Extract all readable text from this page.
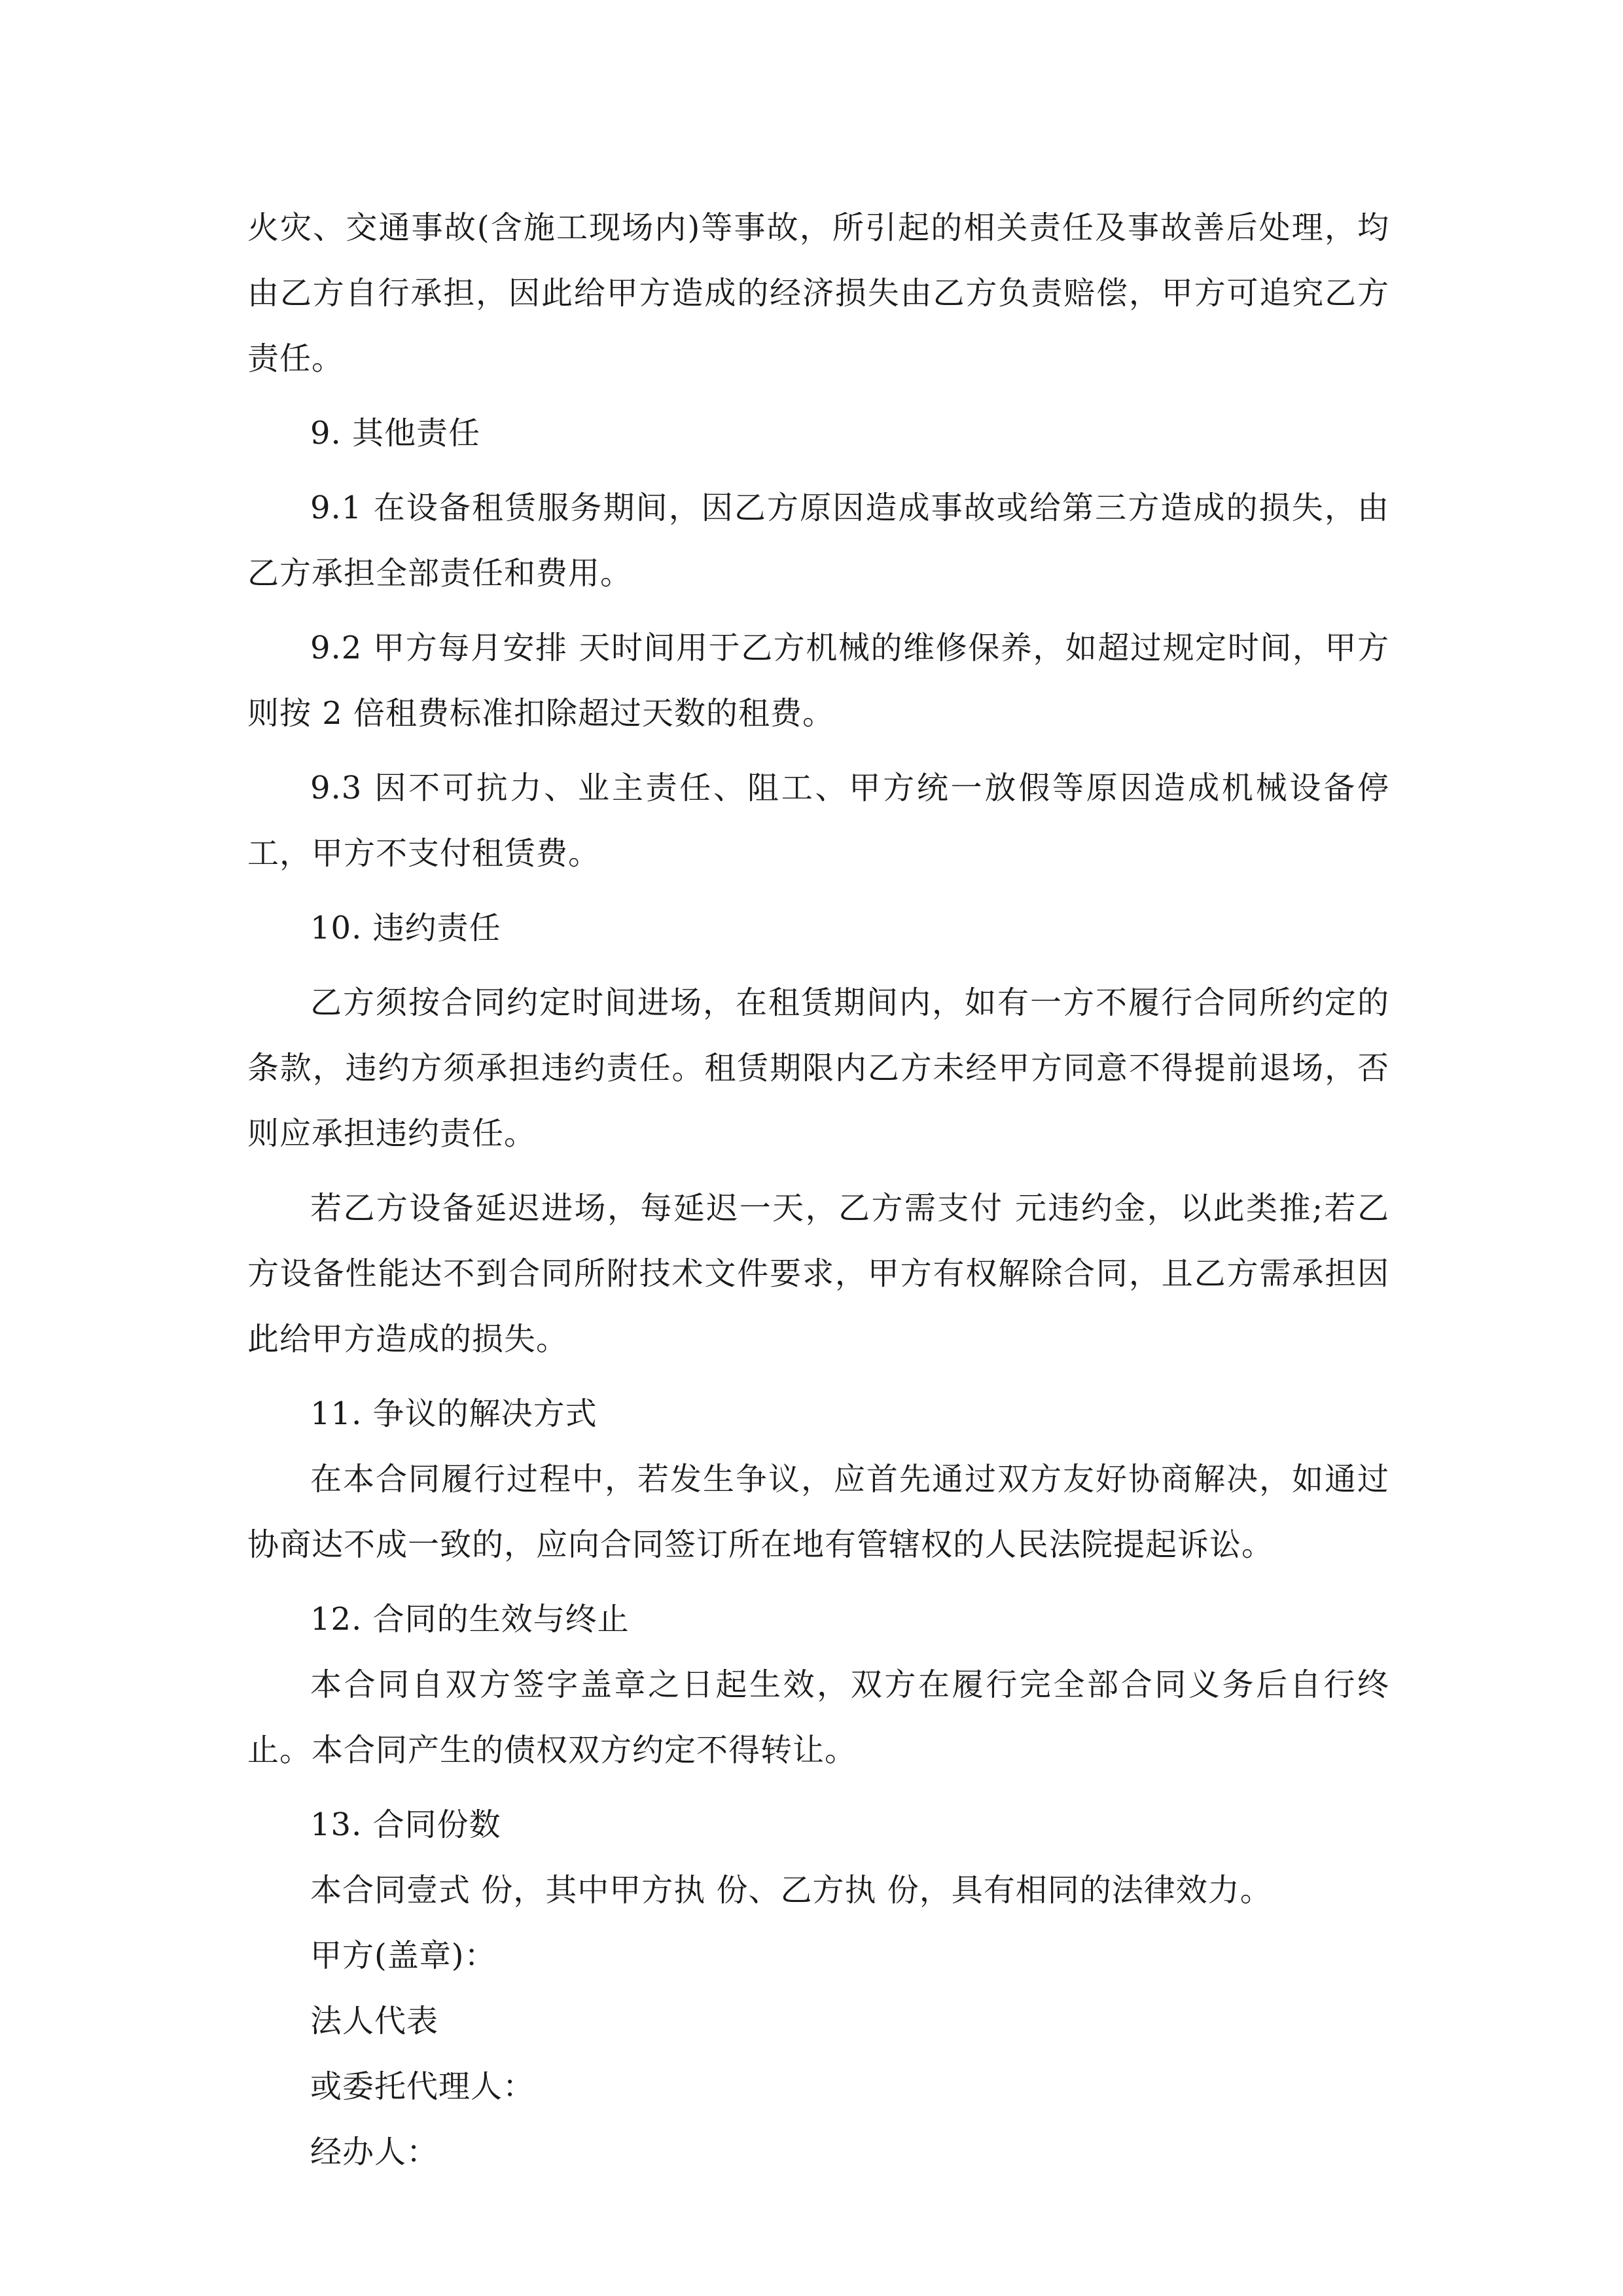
火灾、交通事故(含施工现场内)等事故，所引起的相关责任及事故善后处理，均由乙方自行承担，因此给甲方造成的经济损失由乙方负责赔偿，甲方可追究乙方责任。

9. 其他责任

9.1 在设备租赁服务期间，因乙方原因造成事故或给第三方造成的损失，由乙方承担全部责任和费用。

9.2 甲方每月安排 天时间用于乙方机械的维修保养，如超过规定时间，甲方则按 2 倍租费标准扣除超过天数的租费。

9.3 因不可抗力、业主责任、阻工、甲方统一放假等原因造成机械设备停工，甲方不支付租赁费。

10. 违约责任

乙方须按合同约定时间进场，在租赁期间内，如有一方不履行合同所约定的条款，违约方须承担违约责任。租赁期限内乙方未经甲方同意不得提前退场，否则应承担违约责任。

若乙方设备延迟进场，每延迟一天，乙方需支付 元违约金，以此类推;若乙方设备性能达不到合同所附技术文件要求，甲方有权解除合同，且乙方需承担因此给甲方造成的损失。

11. 争议的解决方式

在本合同履行过程中，若发生争议，应首先通过双方友好协商解决，如通过协商达不成一致的，应向合同签订所在地有管辖权的人民法院提起诉讼。

12. 合同的生效与终止

本合同自双方签字盖章之日起生效，双方在履行完全部合同义务后自行终止。本合同产生的债权双方约定不得转让。

13. 合同份数

本合同壹式 份，其中甲方执 份、乙方执 份，具有相同的法律效力。

甲方(盖章)：

法人代表

或委托代理人：

经办人：
